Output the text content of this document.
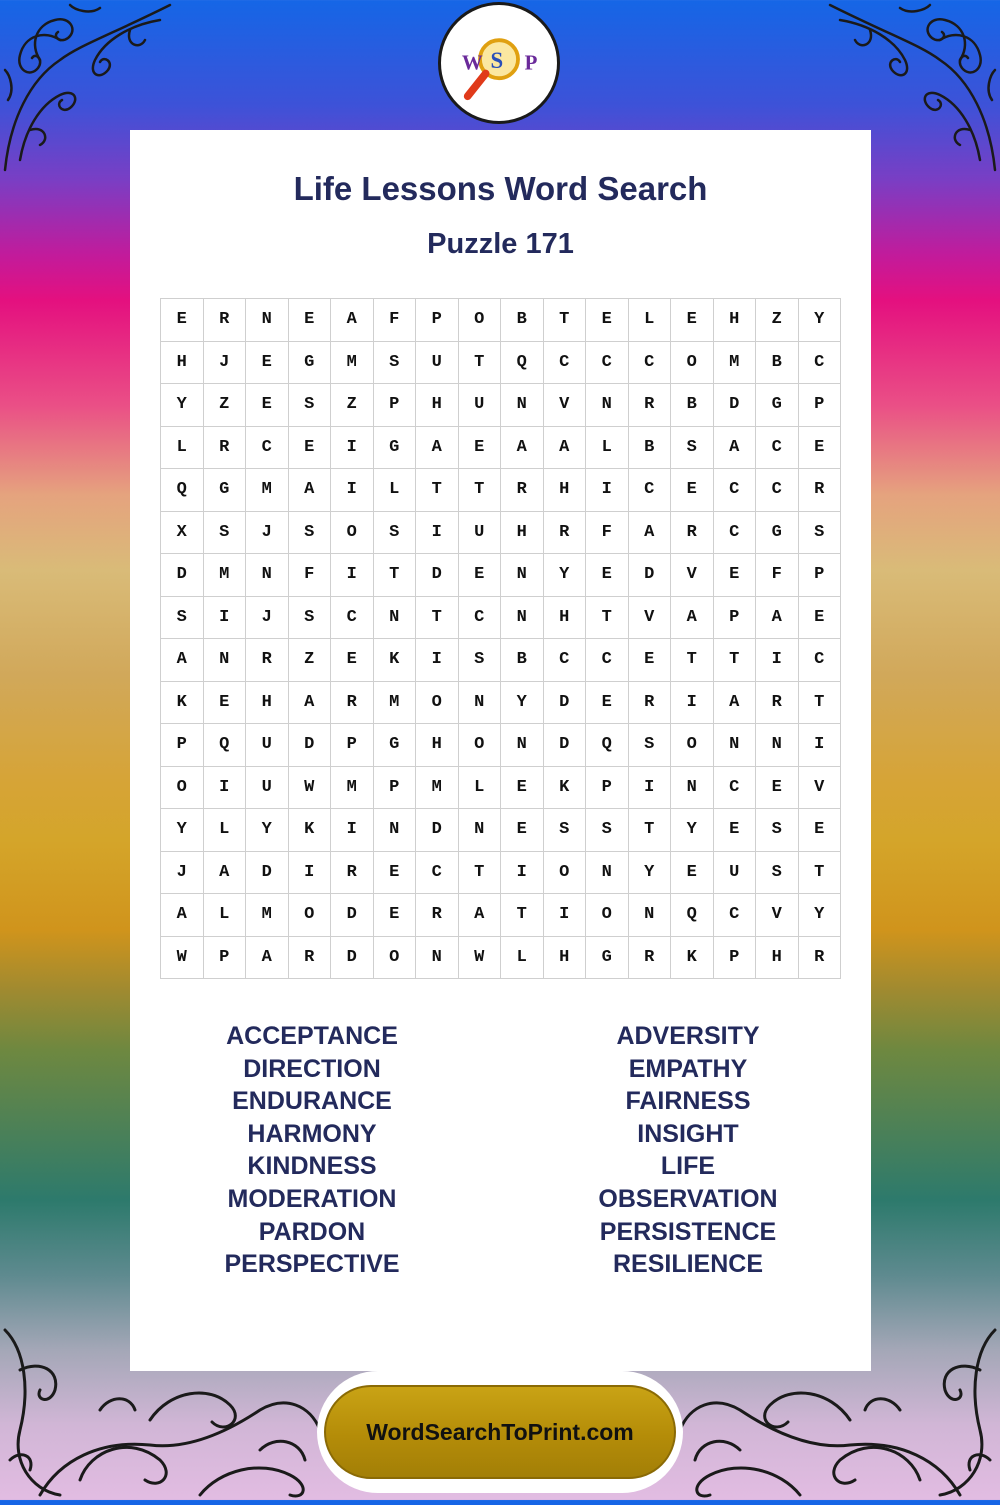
W S P
Life Lessons Word Search
Puzzle 171
E	R	N	E	A	F	P	O	B	T	E	L	E	H	Z	Y
H	J	E	G	M	S	U	T	Q	C	C	C	O	M	B	C
Y	Z	E	S	Z	P	H	U	N	V	N	R	B	D	G	P
L	R	C	E	I	G	A	E	A	A	L	B	S	A	C	E
Q	G	M	A	I	L	T	T	R	H	I	C	E	C	C	R
X	S	J	S	O	S	I	U	H	R	F	A	R	C	G	S
D	M	N	F	I	T	D	E	N	Y	E	D	V	E	F	P
S	I	J	S	C	N	T	C	N	H	T	V	A	P	A	E
A	N	R	Z	E	K	I	S	B	C	C	E	T	T	I	C
K	E	H	A	R	M	O	N	Y	D	E	R	I	A	R	T
P	Q	U	D	P	G	H	O	N	D	Q	S	O	N	N	I
O	I	U	W	M	P	M	L	E	K	P	I	N	C	E	V
Y	L	Y	K	I	N	D	N	E	S	S	T	Y	E	S	E
J	A	D	I	R	E	C	T	I	O	N	Y	E	U	S	T
A	L	M	O	D	E	R	A	T	I	O	N	Q	C	V	Y
W	P	A	R	D	O	N	W	L	H	G	R	K	P	H	R
ACCEPTANCE
DIRECTION
ENDURANCE
HARMONY
KINDNESS
MODERATION
PARDON
PERSPECTIVE
ADVERSITY
EMPATHY
FAIRNESS
INSIGHT
LIFE
OBSERVATION
PERSISTENCE
RESILIENCE
WordSearchToPrint.com
